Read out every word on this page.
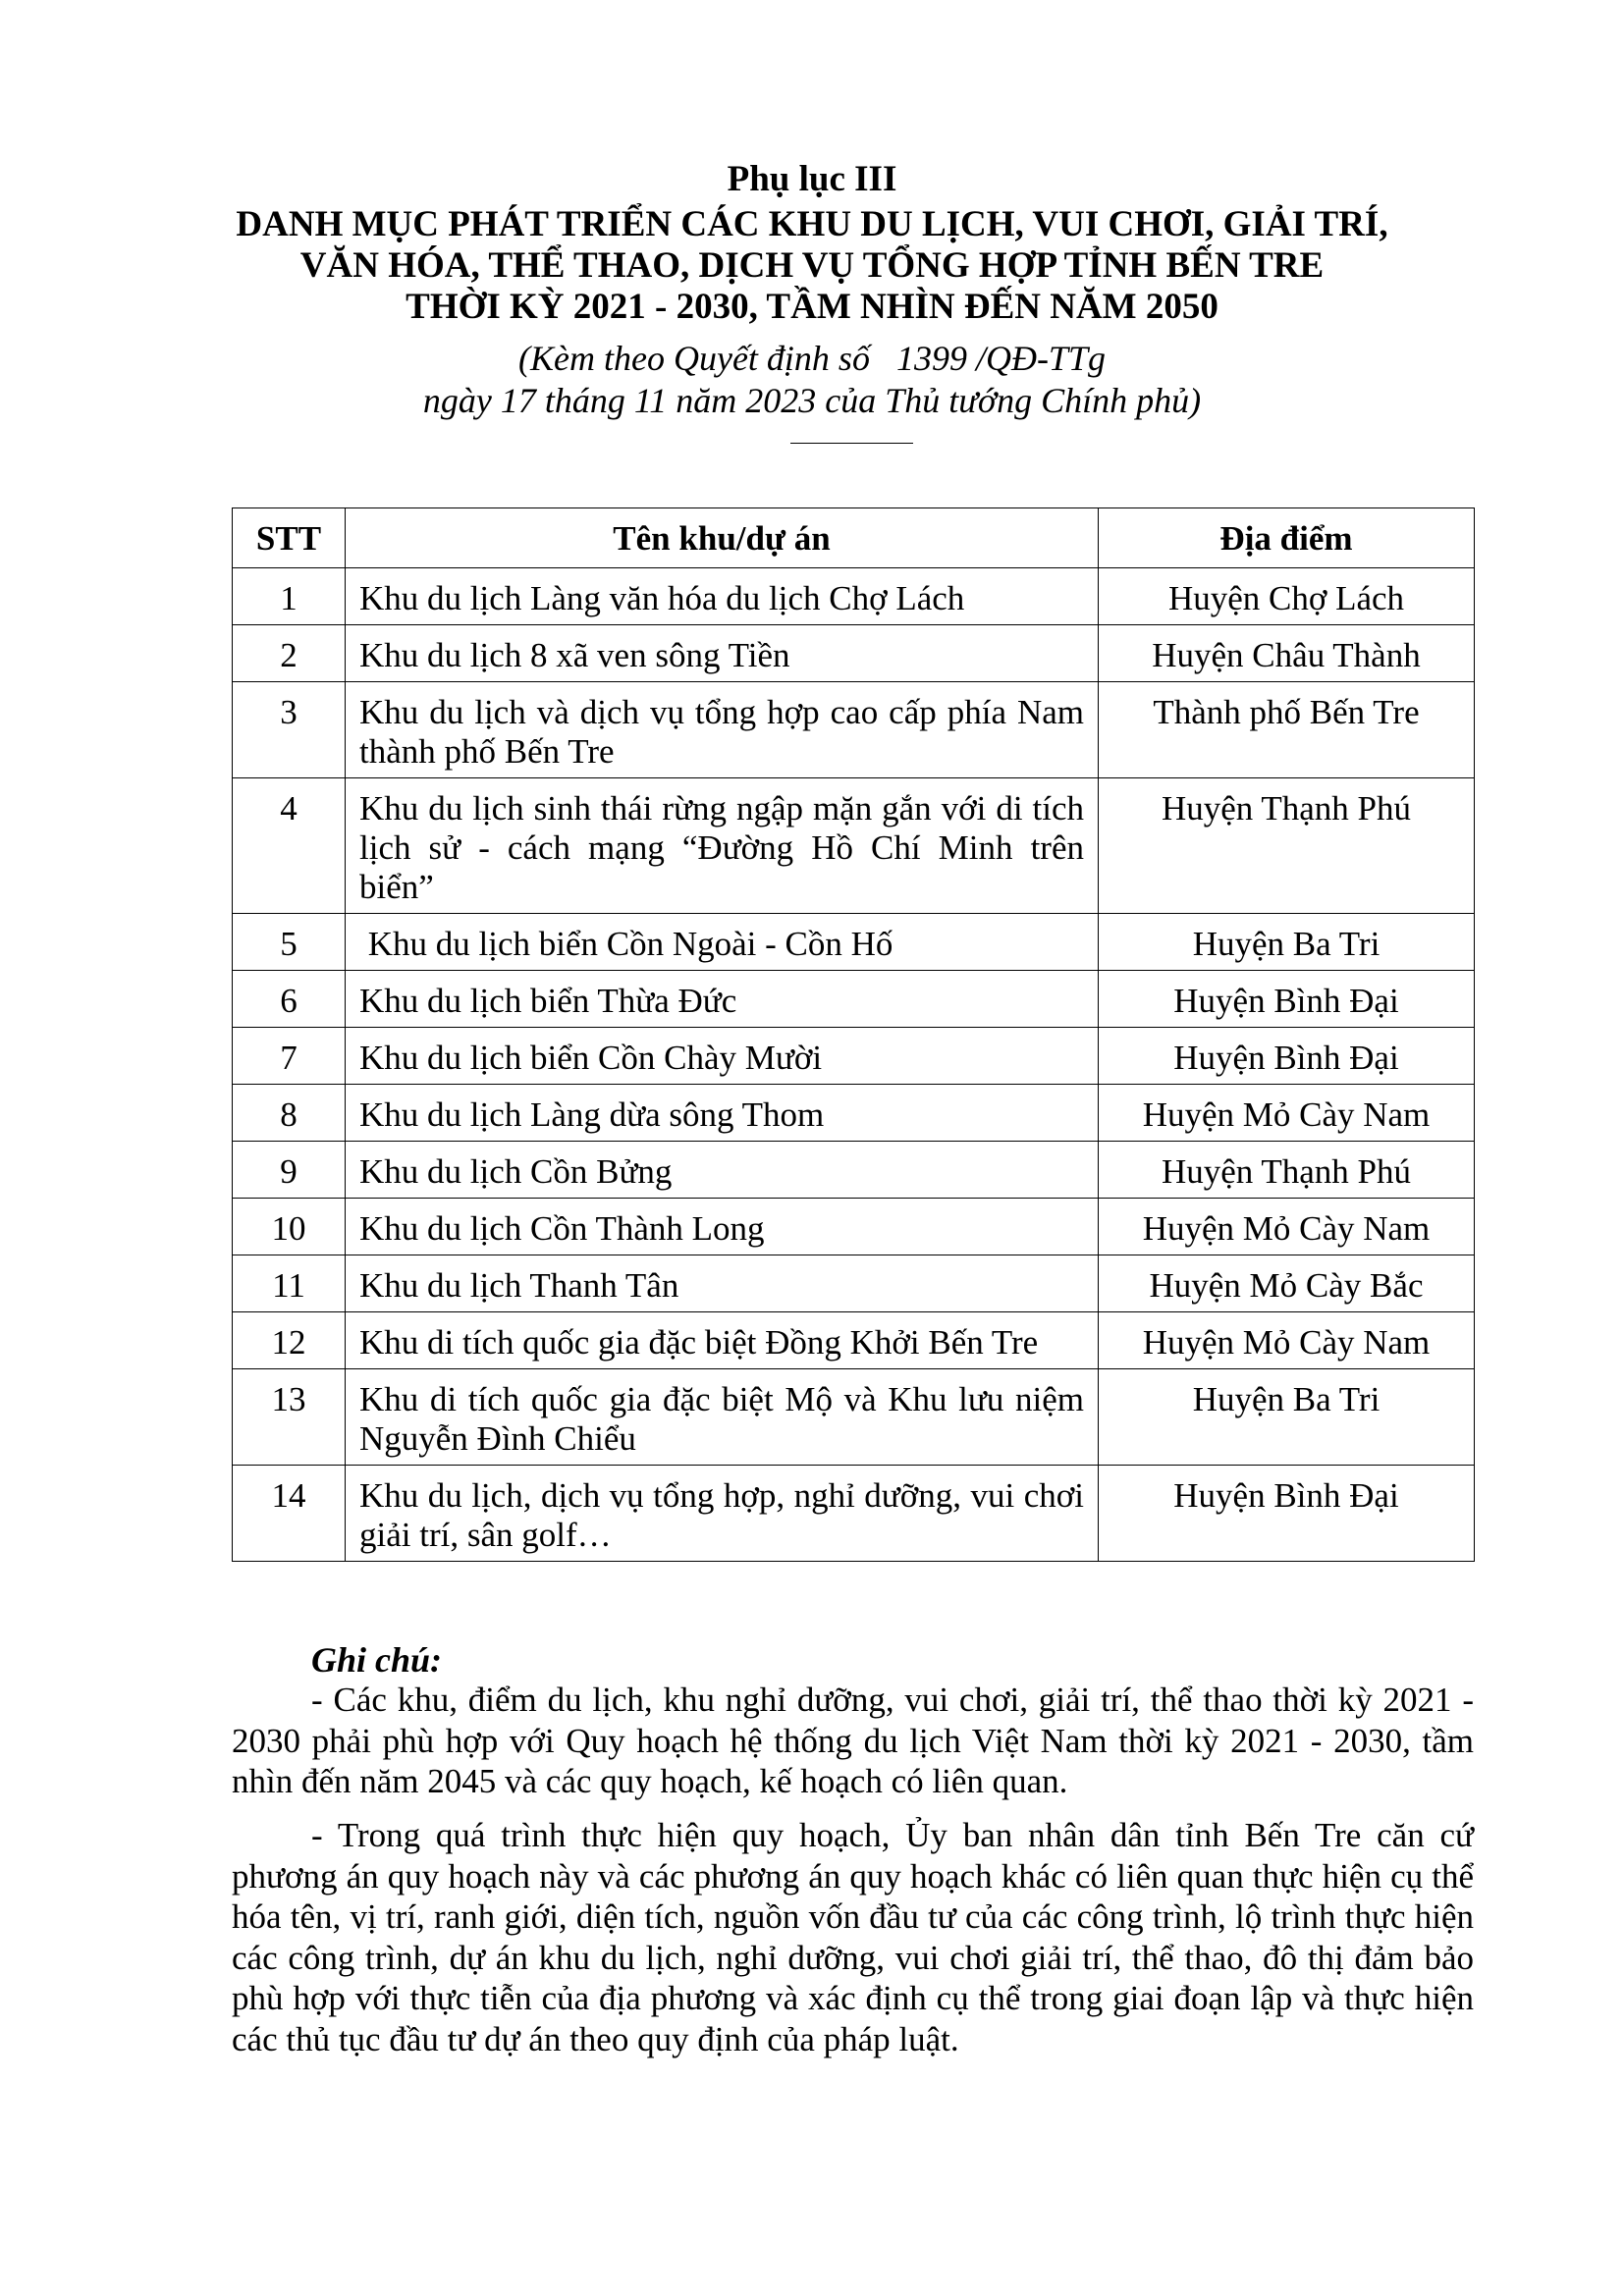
Phụ lục III
DANH MỤC PHÁT TRIỂN CÁC KHU DU LỊCH, VUI CHƠI, GIẢI TRÍ,
VĂN HÓA, THỂ THAO, DỊCH VỤ TỔNG HỢP TỈNH BẾN TRE
THỜI KỲ 2021 - 2030, TẦM NHÌN ĐẾN NĂM 2050
(Kèm theo Quyết định số   1399 /QĐ-TTg
ngày 17 tháng 11 năm 2023 của Thủ tướng Chính phủ)
STT	Tên khu/dự án	Địa điểm
1	Khu du lịch Làng văn hóa du lịch Chợ Lách	Huyện Chợ Lách
2	Khu du lịch 8 xã ven sông Tiền	Huyện Châu Thành
3	Khu du lịch và dịch vụ tổng hợp cao cấp phía Nam thành phố Bến Tre	Thành phố Bến Tre
4	Khu du lịch sinh thái rừng ngập mặn gắn với di tích lịch sử - cách mạng “Đường Hồ Chí Minh trên biển”	Huyện Thạnh Phú
5	Khu du lịch biển Cồn Ngoài - Cồn Hố	Huyện Ba Tri
6	Khu du lịch biển Thừa Đức	Huyện Bình Đại
7	Khu du lịch biển Cồn Chày Mười	Huyện Bình Đại
8	Khu du lịch Làng dừa sông Thom	Huyện Mỏ Cày Nam
9	Khu du lịch Cồn Bửng	Huyện Thạnh Phú
10	Khu du lịch Cồn Thành Long	Huyện Mỏ Cày Nam
11	Khu du lịch Thanh Tân	Huyện Mỏ Cày Bắc
12	Khu di tích quốc gia đặc biệt Đồng Khởi Bến Tre	Huyện Mỏ Cày Nam
13	Khu di tích quốc gia đặc biệt Mộ và Khu lưu niệm Nguyễn Đình Chiểu	Huyện Ba Tri
14	Khu du lịch, dịch vụ tổng hợp, nghỉ dưỡng, vui chơi giải trí, sân golf…	Huyện Bình Đại
Ghi chú:
- Các khu, điểm du lịch, khu nghỉ dưỡng, vui chơi, giải trí, thể thao thời kỳ 2021 - 2030 phải phù hợp với Quy hoạch hệ thống du lịch Việt Nam thời kỳ 2021 - 2030, tầm nhìn đến năm 2045 và các quy hoạch, kế hoạch có liên quan.
- Trong quá trình thực hiện quy hoạch, Ủy ban nhân dân tỉnh Bến Tre căn cứ phương án quy hoạch này và các phương án quy hoạch khác có liên quan thực hiện cụ thể hóa tên, vị trí, ranh giới, diện tích, nguồn vốn đầu tư của các công trình, lộ trình thực hiện các công trình, dự án khu du lịch, nghỉ dưỡng, vui chơi giải trí, thể thao, đô thị đảm bảo phù hợp với thực tiễn của địa phương và xác định cụ thể trong giai đoạn lập và thực hiện các thủ tục đầu tư dự án theo quy định của pháp luật.
